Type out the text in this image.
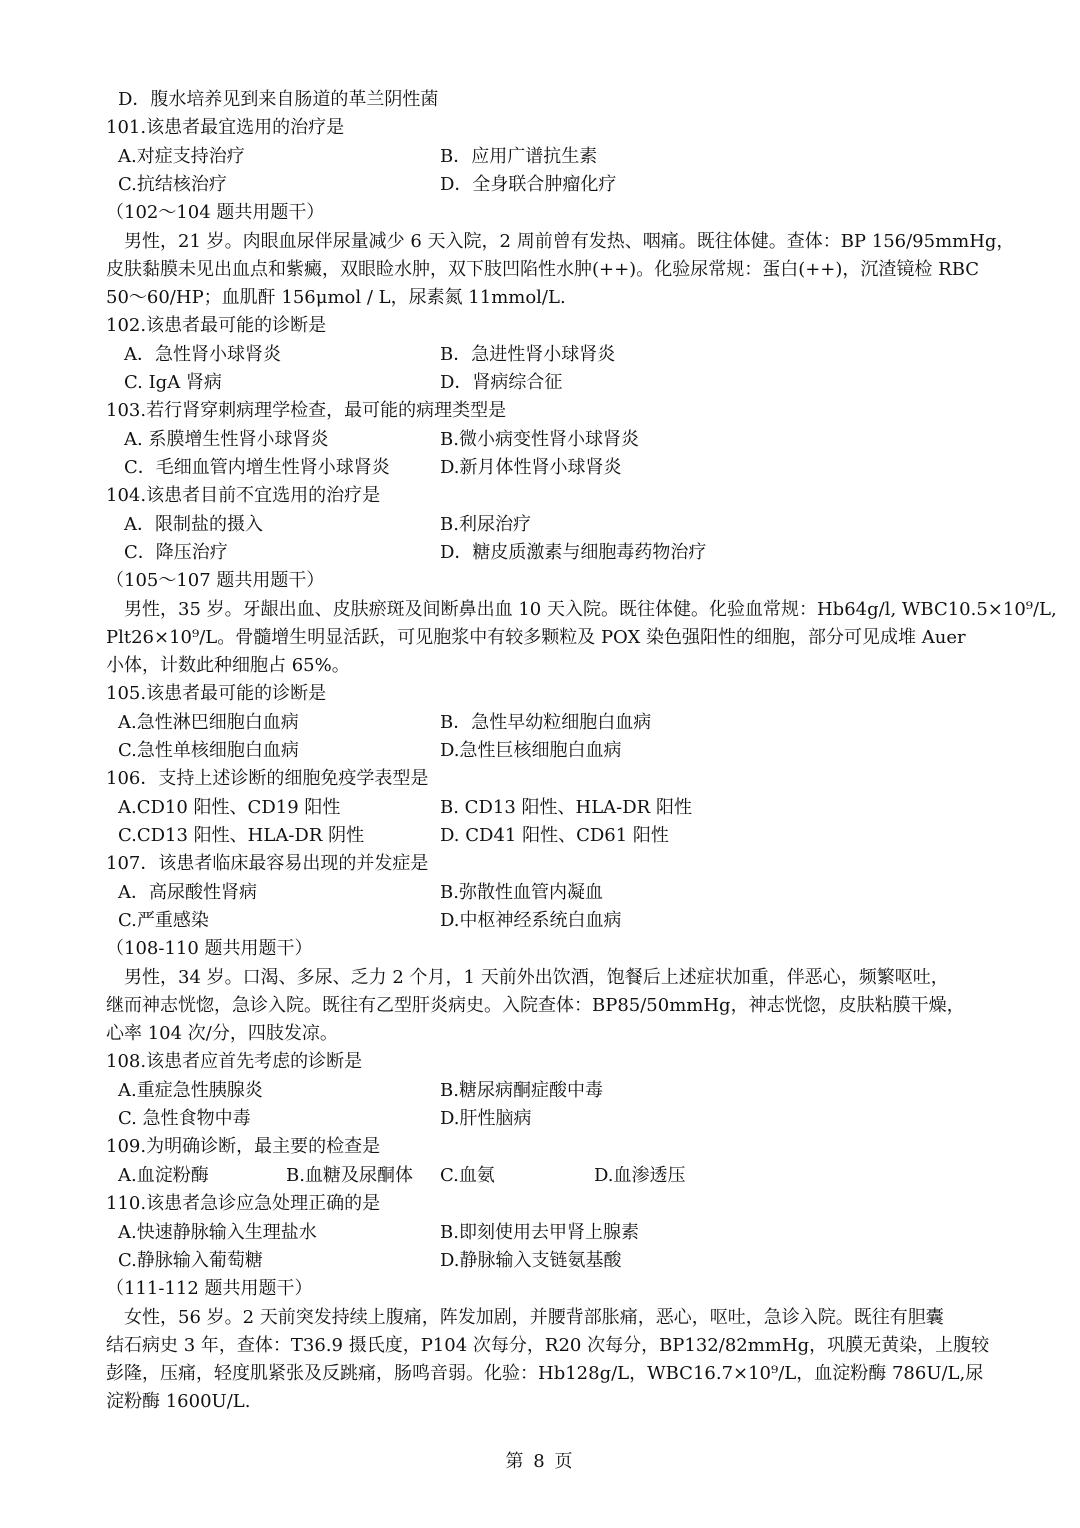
D．腹水培养见到来自肠道的革兰阴性菌
101.该患者最宜选用的治疗是
A.对症支持治疗	B．应用广谱抗生素
C.抗结核治疗	D．全身联合肿瘤化疗
（102～104 题共用题干）
男性，21 岁。肉眼血尿伴尿量减少 6 天入院，2 周前曾有发热、咽痛。既往体健。查体：BP 156/95mmHg，
皮肤黏膜未见出血点和紫癜，双眼睑水肿，双下肢凹陷性水肿(++)。化验尿常规：蛋白(++)，沉渣镜检 RBC
50～60/HP；血肌酐 156μmol / L，尿素氮 11mmol/L.
102.该患者最可能的诊断是
A．急性肾小球肾炎	B．急进性肾小球肾炎
C. IgA 肾病	D．肾病综合征
103.若行肾穿刺病理学检查，最可能的病理类型是
A. 系膜增生性肾小球肾炎	B.微小病变性肾小球肾炎
C．毛细血管内增生性肾小球肾炎	D.新月体性肾小球肾炎
104.该患者目前不宜选用的治疗是
A．限制盐的摄入	B.利尿治疗
C．降压治疗	D．糖皮质激素与细胞毒药物治疗
（105～107 题共用题干）
男性，35 岁。牙龈出血、皮肤瘀斑及间断鼻出血 10 天入院。既往体健。化验血常规：Hb64g/l, WBC10.5×10⁹/L,
Plt26×10⁹/L。骨髓增生明显活跃，可见胞浆中有较多颗粒及 POX 染色强阳性的细胞，部分可见成堆 Auer
小体，计数此种细胞占 65%。
105.该患者最可能的诊断是
A.急性淋巴细胞白血病	B．急性早幼粒细胞白血病
C.急性单核细胞白血病	D.急性巨核细胞白血病
106．支持上述诊断的细胞免疫学表型是
A.CD10 阳性、CD19 阳性	B. CD13 阳性、HLA-DR 阳性
C.CD13 阳性、HLA-DR 阴性	D. CD41 阳性、CD61 阳性
107．该患者临床最容易出现的并发症是
A．高尿酸性肾病	B.弥散性血管内凝血
C.严重感染	D.中枢神经系统白血病
（108-110 题共用题干）
男性，34 岁。口渴、多尿、乏力 2 个月，1 天前外出饮酒，饱餐后上述症状加重，伴恶心，频繁呕吐，
继而神志恍惚，急诊入院。既往有乙型肝炎病史。入院查体：BP85/50mmHg，神志恍惚，皮肤粘膜干燥，
心率 104 次/分，四肢发凉。
108.该患者应首先考虑的诊断是
A.重症急性胰腺炎	B.糖尿病酮症酸中毒
C. 急性食物中毒	D.肝性脑病
109.为明确诊断，最主要的检查是
A.血淀粉酶	B.血糖及尿酮体 C.血氨	D.血渗透压
110.该患者急诊应急处理正确的是
A.快速静脉输入生理盐水	B.即刻使用去甲肾上腺素
C.静脉输入葡萄糖	D.静脉输入支链氨基酸
（111-112 题共用题干）
女性，56 岁。2 天前突发持续上腹痛，阵发加剧，并腰背部胀痛，恶心，呕吐，急诊入院。既往有胆囊
结石病史 3 年，查体：T36.9 摄氏度，P104 次每分，R20 次每分，BP132/82mmHg，巩膜无黄染，上腹较
彭隆，压痛，轻度肌紧张及反跳痛，肠鸣音弱。化验：Hb128g/L，WBC16.7×10⁹/L，血淀粉酶 786U/L,尿
淀粉酶 1600U/L.
第 8 页
